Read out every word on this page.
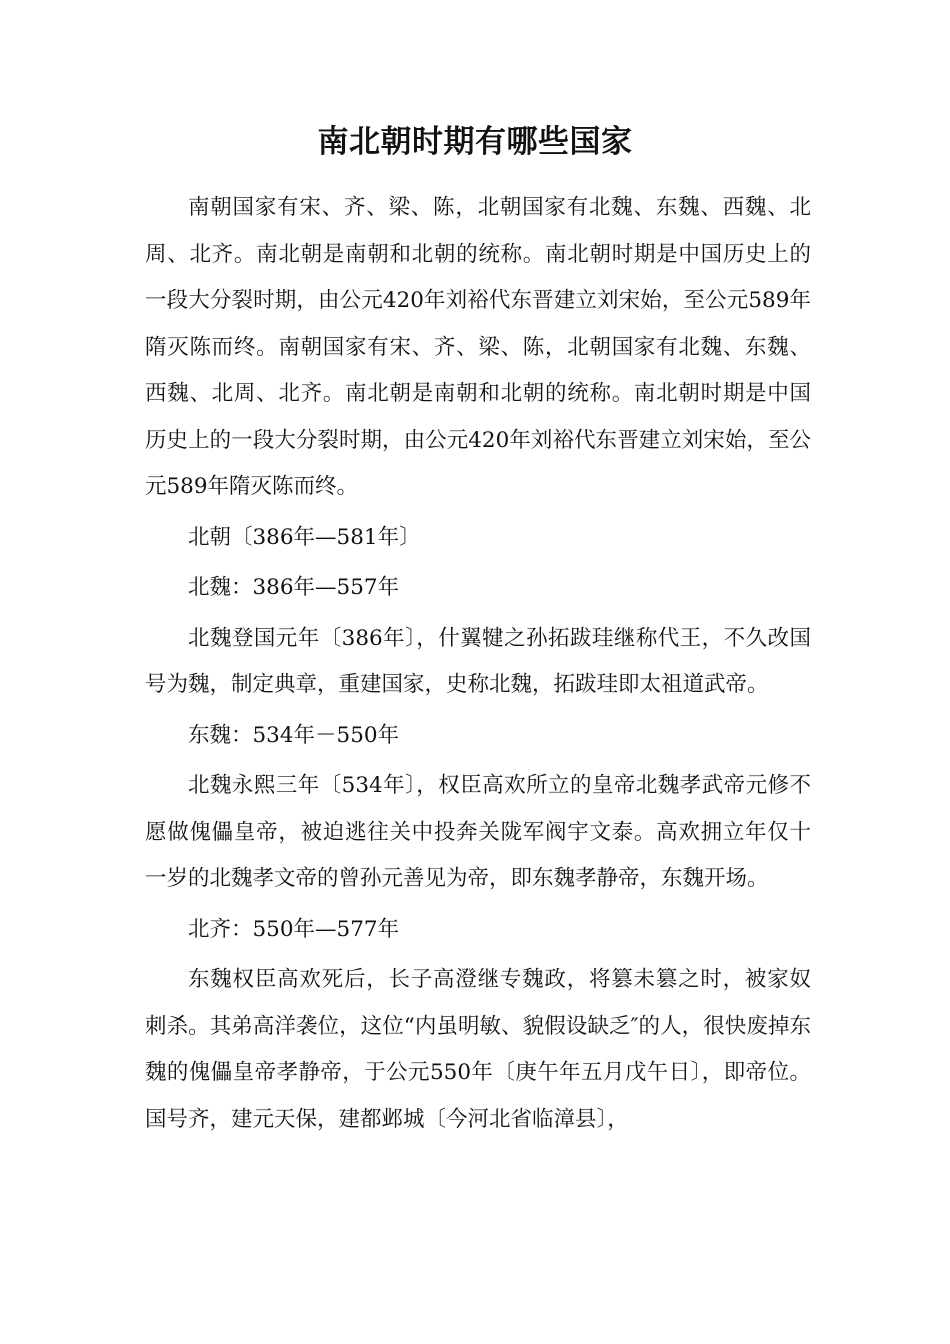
南北朝时期有哪些国家

南朝国家有宋、齐、梁、陈，北朝国家有北魏、东魏、西魏、北周、北齐。南北朝是南朝和北朝的统称。南北朝时期是中国历史上的一段大分裂时期，由公元420年刘裕代东晋建立刘宋始，至公元589年隋灭陈而终。南朝国家有宋、齐、梁、陈，北朝国家有北魏、东魏、西魏、北周、北齐。南北朝是南朝和北朝的统称。南北朝时期是中国历史上的一段大分裂时期，由公元420年刘裕代东晋建立刘宋始，至公元589年隋灭陈而终。

北朝〔386年—581年〕

北魏：386年—557年

北魏登国元年〔386年〕，什翼犍之孙拓跋珪继称代王，不久改国号为魏，制定典章，重建国家，史称北魏，拓跋珪即太祖道武帝。

东魏：534年－550年

北魏永熙三年〔534年〕，权臣高欢所立的皇帝北魏孝武帝元修不愿做傀儡皇帝，被迫逃往关中投奔关陇军阀宇文泰。高欢拥立年仅十一岁的北魏孝文帝的曾孙元善见为帝，即东魏孝静帝，东魏开场。

北齐：550年—577年

东魏权臣高欢死后，长子高澄继专魏政，将篡未篡之时，被家奴刺杀。其弟高洋袭位，这位“内虽明敏、貌假设缺乏″的人，很快废掉东魏的傀儡皇帝孝静帝，于公元550年〔庚午年五月戊午日〕，即帝位。国号齐，建元天保，建都邺城〔今河北省临漳县〕，
